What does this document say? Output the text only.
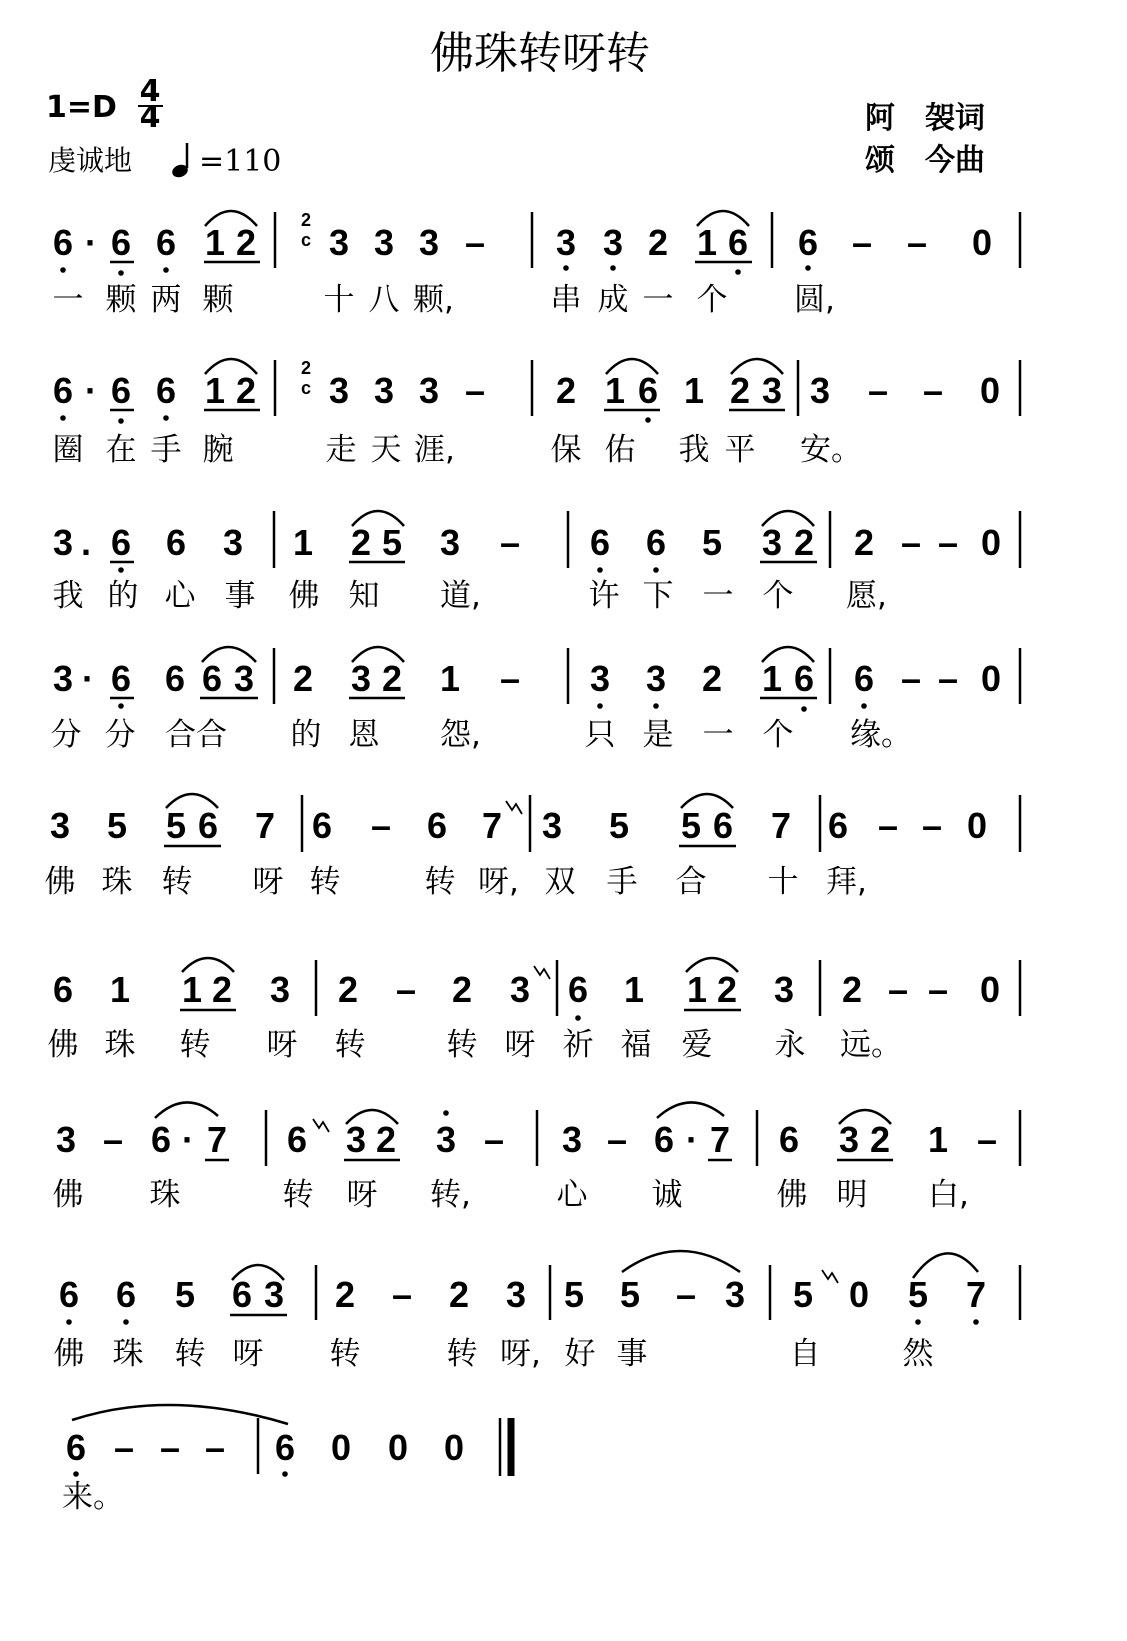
佛珠转呀转
1=D 4
4
虔诚地 =110
阿　袈词
颂　今曲
6 · 6 6 1 2
2
c 3 3 3 – 3 3 2 1 6 6 – – 0
一 颗 两 颗	十 八 颗,	串 成 一 个 圆,
6 · 6 6 1 2
2
c 3 3 3 – 2 1 6 1 2 3 3 – – 0
圈 在 手 腕	走 天 涯,	保 佑 我 平 安。
3 . 6 6 3 1 2 5 3 – 6 6 5 3 2 2 – – 0
我 的 心 事 佛 知 道,	许 下 一 个 愿,
3 · 6 6 6 3 2 3 2 1 – 3 3 2 1 6 6 – – 0
分 分 合合 的 恩 怨,	只 是 一 个 缘。
3 5 5 6 7 6 – 6 7 3 5 5 6 7 6 – – 0
佛 珠 转 呀 转	转 呀, 双 手 合 十 拜,
6 1 1 2 3 2 – 2 3 6 1 1 2 3 2 – – 0
佛 珠 转 呀 转	转 呀 祈 福 爱 永 远。
3 – 6 · 7 6 3 2 3 – 3 – 6 · 7 6 3 2 1 –
佛 珠	转 呀 转,	心 诚	佛 明 白,
6 6 5 6 3 2 – 2 3 5 5 – 3 5 0 5 7
佛 珠 转 呀 转	转 呀, 好 事	自	然
6 – – – 6 0 0 0
来。
